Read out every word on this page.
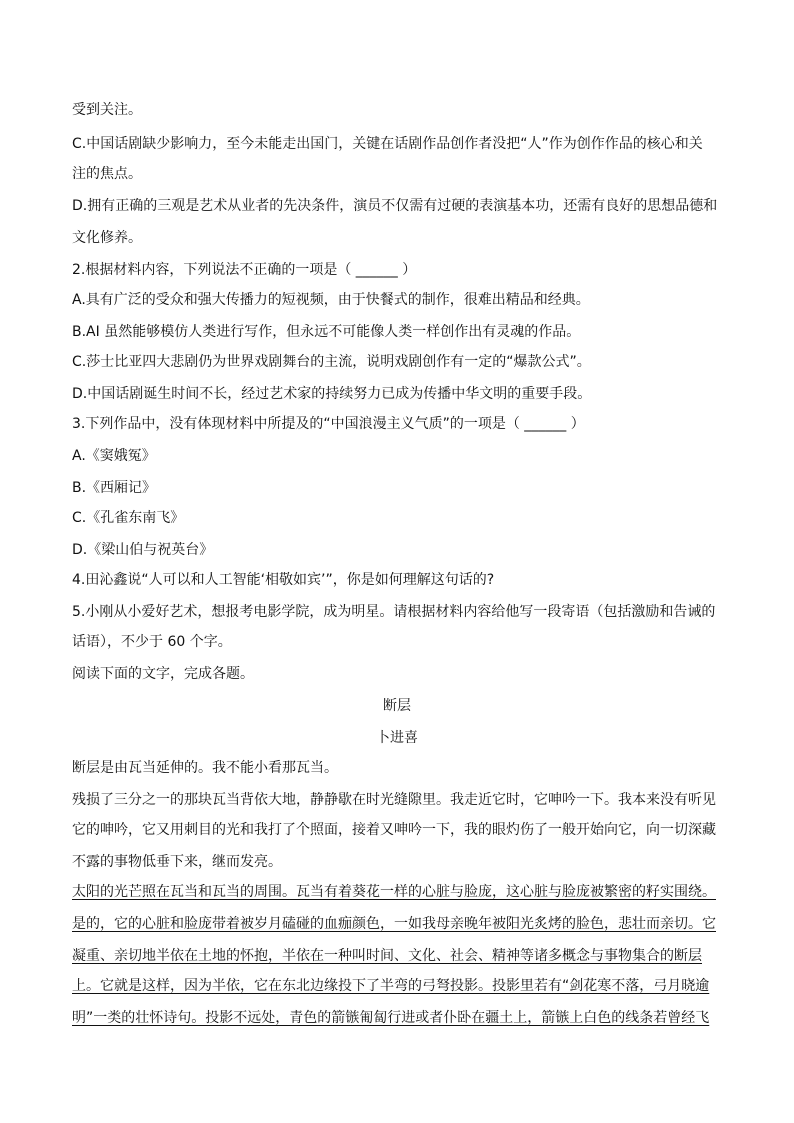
受到关注。
C.中国话剧缺少影响力，至今未能走出国门，关键在话剧作品创作者没把“人”作为创作作品的核心和关
注的焦点。
D.拥有正确的三观是艺术从业者的先决条件，演员不仅需有过硬的表演基本功，还需有良好的思想品德和
文化修养。
2.根据材料内容，下列说法不正确的一项是（ ______ ）
A.具有广泛的受众和强大传播力的短视频，由于快餐式的制作，很难出精品和经典。
B.AI 虽然能够模仿人类进行写作，但永远不可能像人类一样创作出有灵魂的作品。
C.莎士比亚四大悲剧仍为世界戏剧舞台的主流，说明戏剧创作有一定的“爆款公式”。
D.中国话剧诞生时间不长，经过艺术家的持续努力已成为传播中华文明的重要手段。
3.下列作品中，没有体现材料中所提及的“中国浪漫主义气质”的一项是（ ______ ）
A.《窦娥冤》
B.《西厢记》
C.《孔雀东南飞》
D.《梁山伯与祝英台》
4.田沁鑫说“人可以和人工智能‘相敬如宾’”，你是如何理解这句话的?
5.小刚从小爱好艺术，想报考电影学院，成为明星。请根据材料内容给他写一段寄语（包括激励和告诫的
话语），不少于 60 个字。
阅读下面的文字，完成各题。
断层
卜进喜
断层是由瓦当延伸的。我不能小看那瓦当。
残损了三分之一的那块瓦当背依大地，静静歇在时光缝隙里。我走近它时，它呻吟一下。我本来没有听见
它的呻吟，它又用刺目的光和我打了个照面，接着又呻吟一下，我的眼灼伤了一般开始向它，向一切深藏
不露的事物低垂下来，继而发亮。
太阳的光芒照在瓦当和瓦当的周围。瓦当有着葵花一样的心脏与脸庞，这心脏与脸庞被繁密的籽实围绕。
是的，它的心脏和脸庞带着被岁月磕碰的血痂颜色，一如我母亲晚年被阳光炙烤的脸色，悲壮而亲切。它
凝重、亲切地半依在土地的怀抱，半依在一种叫时间、文化、社会、精神等诸多概念与事物集合的断层
上。它就是这样，因为半依，它在东北边缘投下了半弯的弓弩投影。投影里若有“剑花寒不落，弓月晓逾
明”一类的壮怀诗句。投影不远处，青色的箭镞匍匐行进或者仆卧在疆土上，箭镞上白色的线条若曾经飞
